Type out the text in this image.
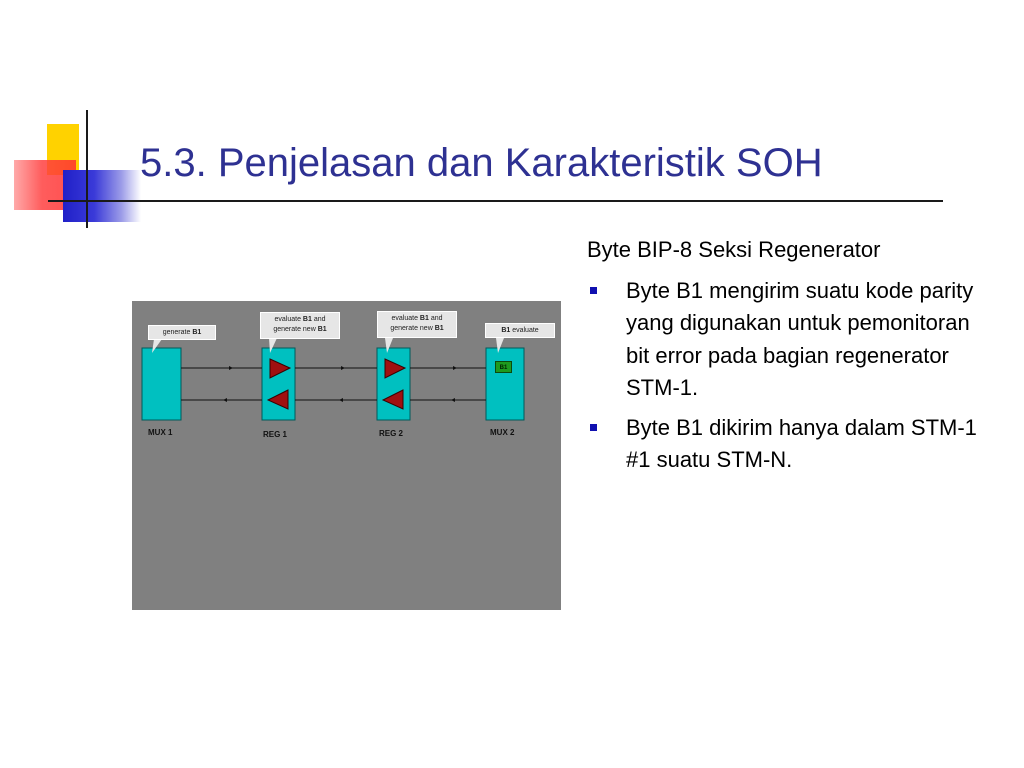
5.3. Penjelasan dan Karakteristik SOH
generate B1
evaluate B1 and
generate new B1
evaluate B1 and
generate new B1	B1 evaluate
B1
MUX 1	REG 1	REG 2	MUX 2
Byte BIP-8 Seksi Regenerator
Byte B1 mengirim suatu kode parity yang digunakan untuk pemonitoran bit error pada bagian regenerator STM-1.
Byte B1 dikirim hanya dalam STM-1 #1 suatu STM-N.
